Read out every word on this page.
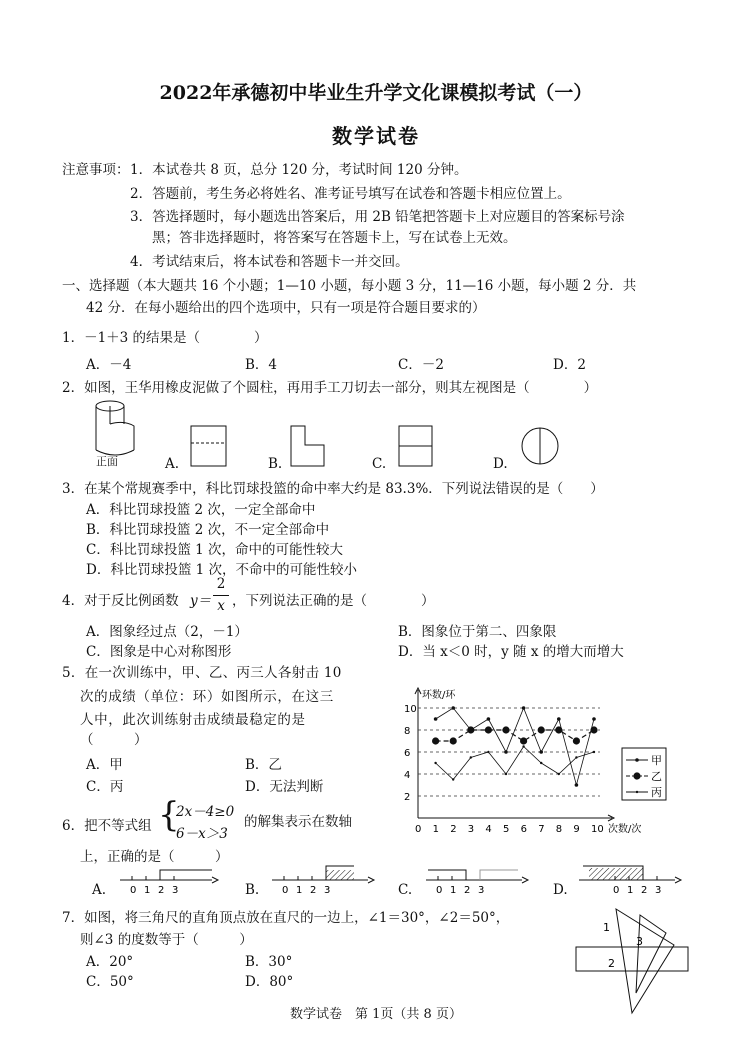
2022年承德初中毕业生升学文化课模拟考试（一）
数学试卷
注意事项： 1．本试卷共 8 页，总分 120 分，考试时间 120 分钟。
2．答题前，考生务必将姓名、准考证号填写在试卷和答题卡相应位置上。
3．答选择题时，每小题选出答案后，用 2B 铅笔把答题卡上对应题目的答案标号涂
黑；答非选择题时，将答案写在答题卡上，写在试卷上无效。
4．考试结束后，将本试卷和答题卡一并交回。
一、选择题（本大题共 16 个小题；1—10 小题，每小题 3 分，11—16 小题，每小题 2 分．共
42 分．在每小题给出的四个选项中，只有一项是符合题目要求的）
1．－1＋3 的结果是（　　　　）
A．－4	B．4	C．－2	D．2
2．如图，王华用橡皮泥做了个圆柱，再用手工刀切去一部分，则其左视图是（　　　　）
正面	A.	B.	C.	D.
3．在某个常规赛季中，科比罚球投篮的命中率大约是 83.3%．下列说法错误的是（　　）
A．科比罚球投篮 2 次，一定全部命中
B．科比罚球投篮 2 次，不一定全部命中
C．科比罚球投篮 1 次，命中的可能性较大
D．科比罚球投篮 1 次，不命中的可能性较小
4．对于反比例函数 y＝
2
x ，下列说法正确的是（　　　　）
A．图象经过点（2，－1）	B．图象位于第二、四象限
C．图象是中心对称图形	D．当 x＜0 时，y 随 x 的增大而增大
5．在一次训练中，甲、乙、丙三人各射击 10
次的成绩（单位：环）如图所示，在这三
人中，此次训练射击成绩最稳定的是
（　　　）
A．甲	B．乙
C．丙	D．无法判断
2
4
6
8
10
0 1 2 3 4 5 6 7 8 9 10 次数/次
环数/环
甲
乙
丙
6．把不等式组 {
2x－4≥0
6－x＞3
的解集表示在数轴
上，正确的是（　　　）
A.	B.	C.	D.
0 1 2 3	0 1 2 3	0 1 2 3	0 1 2 3
7．如图，将三角尺的直角顶点放在直尺的一边上，∠1＝30°，∠2＝50°，
则∠3 的度数等于（　　　）
A．20°	B．30°
C．50°	D．80°
1
3
2
数学试卷　第 1页（共 8 页）
